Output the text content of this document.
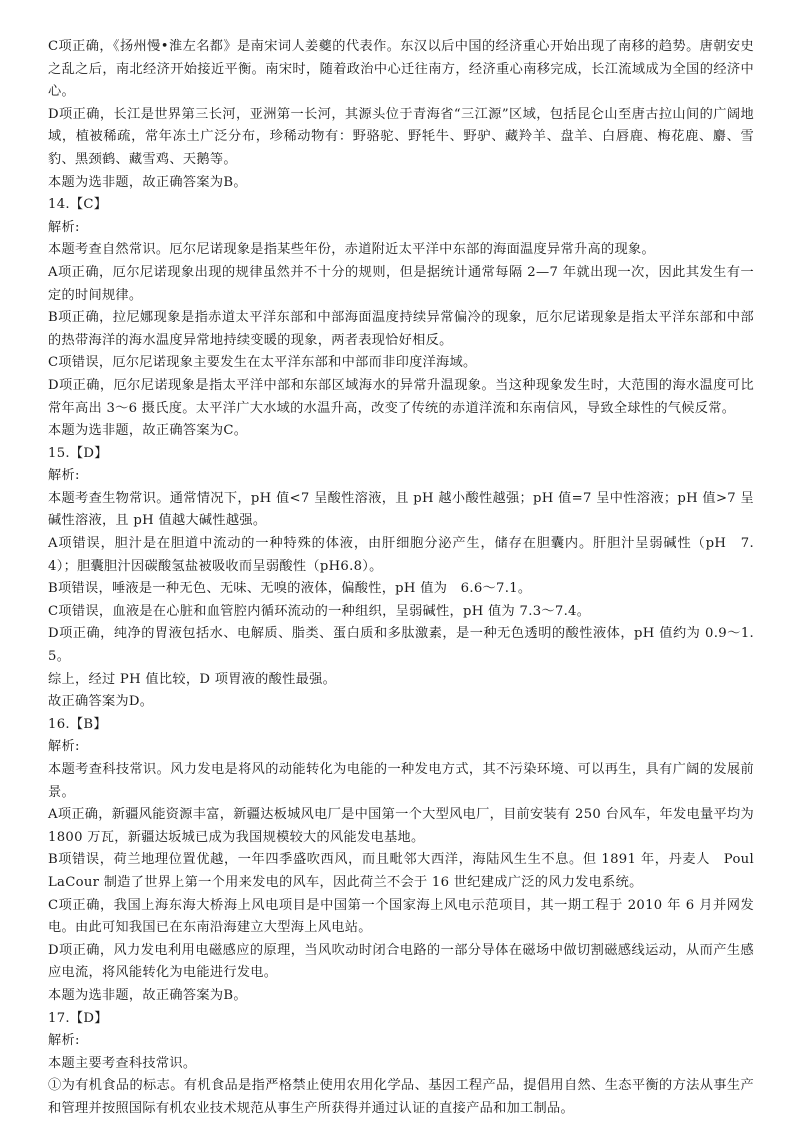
C项正确，《扬州慢•淮左名都》是南宋词人姜夔的代表作。东汉以后中国的经济重心开始出现了南移的趋势。唐朝安史之乱之后，南北经济开始接近平衡。南宋时，随着政治中心迁往南方，经济重心南移完成，长江流域成为全国的经济中心。

D项正确，长江是世界第三长河，亚洲第一长河，其源头位于青海省“三江源”区域，包括昆仑山至唐古拉山间的广阔地域，植被稀疏，常年冻土广泛分布，珍稀动物有：野骆驼、野牦牛、野驴、藏羚羊、盘羊、白唇鹿、梅花鹿、麝、雪豹、黑颈鹤、藏雪鸡、天鹅等。

本题为选非题，故正确答案为B。

14.【C】

解析:

本题考查自然常识。厄尔尼诺现象是指某些年份，赤道附近太平洋中东部的海面温度异常升高的现象。

A项正确，厄尔尼诺现象出现的规律虽然并不十分的规则，但是据统计通常每隔 2—7 年就出现一次，因此其发生有一定的时间规律。

B项正确，拉尼娜现象是指赤道太平洋东部和中部海面温度持续异常偏冷的现象，厄尔尼诺现象是指太平洋东部和中部的热带海洋的海水温度异常地持续变暖的现象，两者表现恰好相反。

C项错误，厄尔尼诺现象主要发生在太平洋东部和中部而非印度洋海域。

D项正确，厄尔尼诺现象是指太平洋中部和东部区域海水的异常升温现象。当这种现象发生时，大范围的海水温度可比常年高出 3～6 摄氏度。太平洋广大水域的水温升高，改变了传统的赤道洋流和东南信风，导致全球性的气候反常。

本题为选非题，故正确答案为C。

15.【D】

解析:

本题考查生物常识。通常情况下，pH 值<7 呈酸性溶液，且 pH 越小酸性越强；pH 值=7 呈中性溶液；pH 值>7 呈碱性溶液，且 pH 值越大碱性越强。

A项错误，胆汁是在胆道中流动的一种特殊的体液，由肝细胞分泌产生，储存在胆囊内。肝胆汁呈弱碱性（pH　7.4）；胆囊胆汁因碳酸氢盐被吸收而呈弱酸性（pH6.8）。

B项错误，唾液是一种无色、无味、无嗅的液体，偏酸性，pH 值为　6.6～7.1。

C项错误，血液是在心脏和血管腔内循环流动的一种组织，呈弱碱性，pH 值为 7.3～7.4。

D项正确，纯净的胃液包括水、电解质、脂类、蛋白质和多肽激素，是一种无色透明的酸性液体，pH 值约为 0.9～1.5。

综上，经过 PH 值比较，D 项胃液的酸性最强。

故正确答案为D。

16.【B】

解析:

本题考查科技常识。风力发电是将风的动能转化为电能的一种发电方式，其不污染环境、可以再生，具有广阔的发展前景。

A项正确，新疆风能资源丰富，新疆达板城风电厂是中国第一个大型风电厂，目前安装有 250 台风车，年发电量平均为 1800 万瓦，新疆达坂城已成为我国规模较大的风能发电基地。

B项错误，荷兰地理位置优越，一年四季盛吹西风，而且毗邻大西洋，海陆风生生不息。但 1891 年，丹麦人　Poul　LaCour 制造了世界上第一个用来发电的风车，因此荷兰不会于 16 世纪建成广泛的风力发电系统。

C项正确，我国上海东海大桥海上风电项目是中国第一个国家海上风电示范项目，其一期工程于 2010 年 6 月并网发电。由此可知我国已在东南沿海建立大型海上风电站。

D项正确，风力发电利用电磁感应的原理，当风吹动时闭合电路的一部分导体在磁场中做切割磁感线运动，从而产生感应电流，将风能转化为电能进行发电。

本题为选非题，故正确答案为B。

17.【D】

解析:

本题主要考查科技常识。

①为有机食品的标志。有机食品是指严格禁止使用农用化学品、基因工程产品，提倡用自然、生态平衡的方法从事生产和管理并按照国际有机农业技术规范从事生产所获得并通过认证的直接产品和加工制品。
